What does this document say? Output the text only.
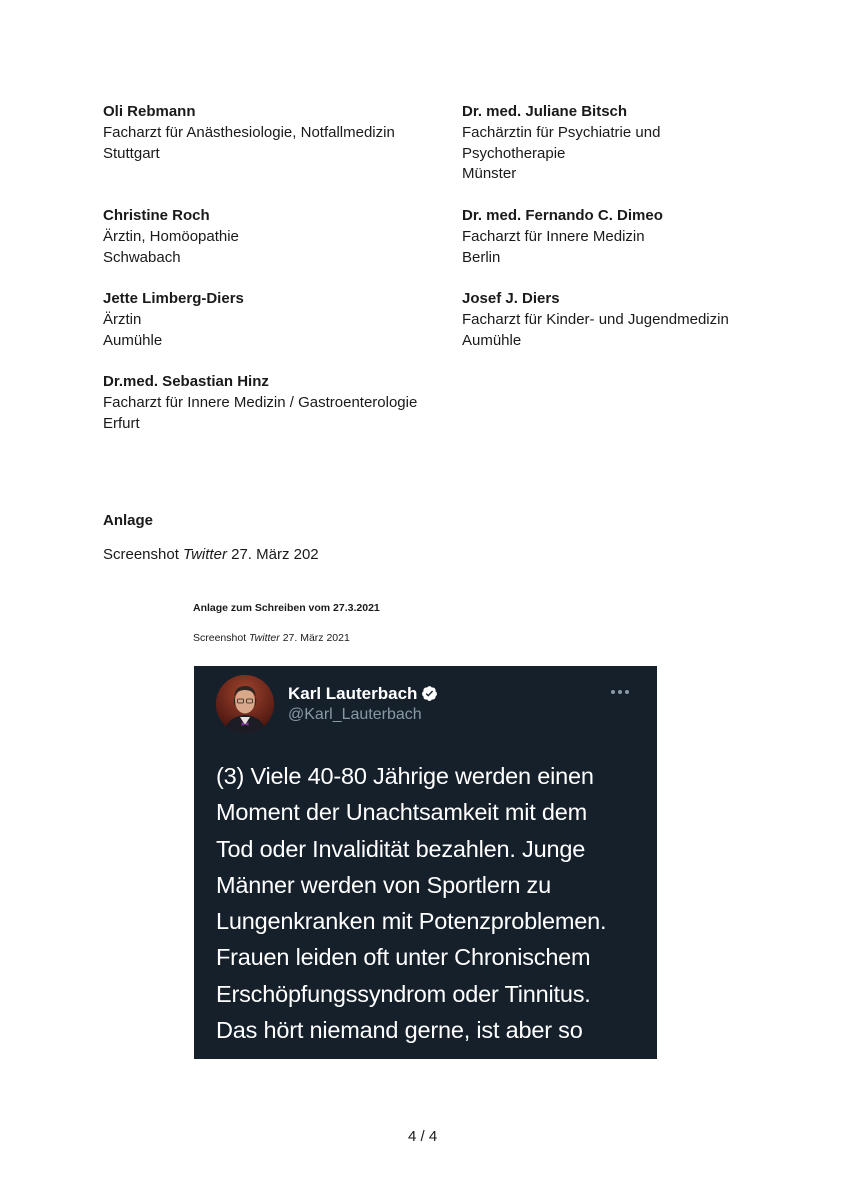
Oli Rebmann
Facharzt für Anästhesiologie, Notfallmedizin
Stuttgart
Dr. med. Juliane Bitsch
Fachärztin für Psychiatrie und
Psychotherapie
Münster
Christine Roch
Ärztin, Homöopathie
Schwabach
Dr. med. Fernando C. Dimeo
Facharzt für Innere Medizin
Berlin
Jette Limberg-Diers
Ärztin
Aumühle
Josef J. Diers
Facharzt für Kinder- und Jugendmedizin
Aumühle
Dr.med. Sebastian Hinz
Facharzt für Innere Medizin / Gastroenterologie
Erfurt
Anlage
Screenshot Twitter 27. März 202
Anlage zum Schreiben vom 27.3.2021
Screenshot Twitter 27. März 2021
Karl Lauterbach
@Karl_Lauterbach
(3) Viele 40-80 Jährige werden einen
Moment der Unachtsamkeit mit dem
Tod oder Invalidität bezahlen. Junge
Männer werden von Sportlern zu
Lungenkranken mit Potenzproblemen.
Frauen leiden oft unter Chronischem
Erschöpfungssyndrom oder Tinnitus.
Das hört niemand gerne, ist aber so
4 / 4
